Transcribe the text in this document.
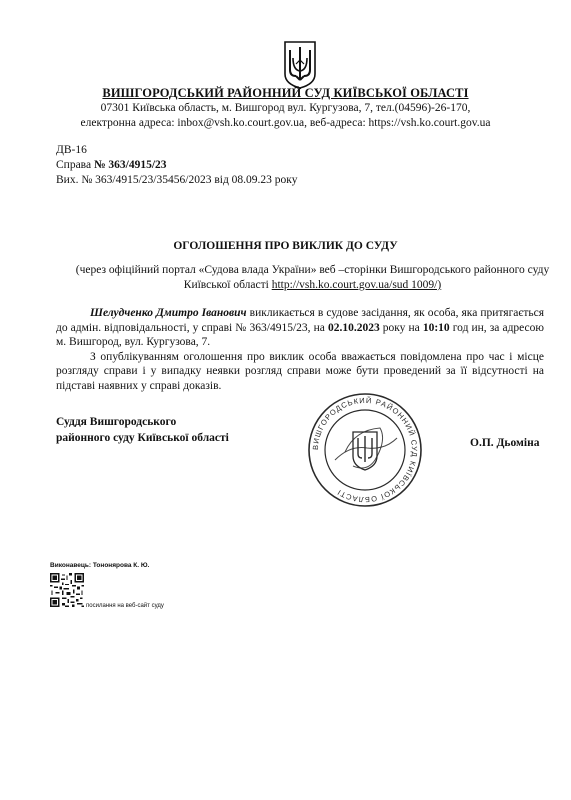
ВИШГОРОДСЬКИЙ РАЙОННИЙ СУД КИЇВСЬКОЇ ОБЛАСТІ
07301 Київська область, м. Вишгород вул. Кургузова, 7, тел.(04596)-26-170,
електронна адреса: inbox@vsh.ko.court.gov.ua, веб-адреса: https://vsh.ko.court.gov.ua
ДВ-16
Справа № 363/4915/23
Вих. № 363/4915/23/35456/2023 від 08.09.23 року
ОГОЛОШЕННЯ ПРО ВИКЛИК ДО СУДУ
(через офіційний портал «Судова влада України» веб –сторінки Вишгородського районного суду Київської області http://vsh.ko.court.gov.ua/sud 1009/)

Шелудченко Дмитро Іванович викликається в судове засідання, як особа, яка притягається до адмін. відповідальності, у справі № 363/4915/23, на 02.10.2023 року на 10:10 год ин, за адресою м. Вишгород, вул. Кургузова, 7.

З опублікуванням оголошення про виклик особа вважається повідомлена про час і місце розгляду справи і у випадку неявки розгляд справи може бути проведений за її відсутності на підставі наявних у справі доказів.

Суддя Вишгородського
районного суду Київської області
ВИШГОРОДСЬКИЙ РАЙОННИЙ СУД КИЇВСЬКОЇ ОБЛАСТІ
О.П. Дьоміна
Виконавець: Тононярова К. Ю.
посилання на веб-сайт суду
